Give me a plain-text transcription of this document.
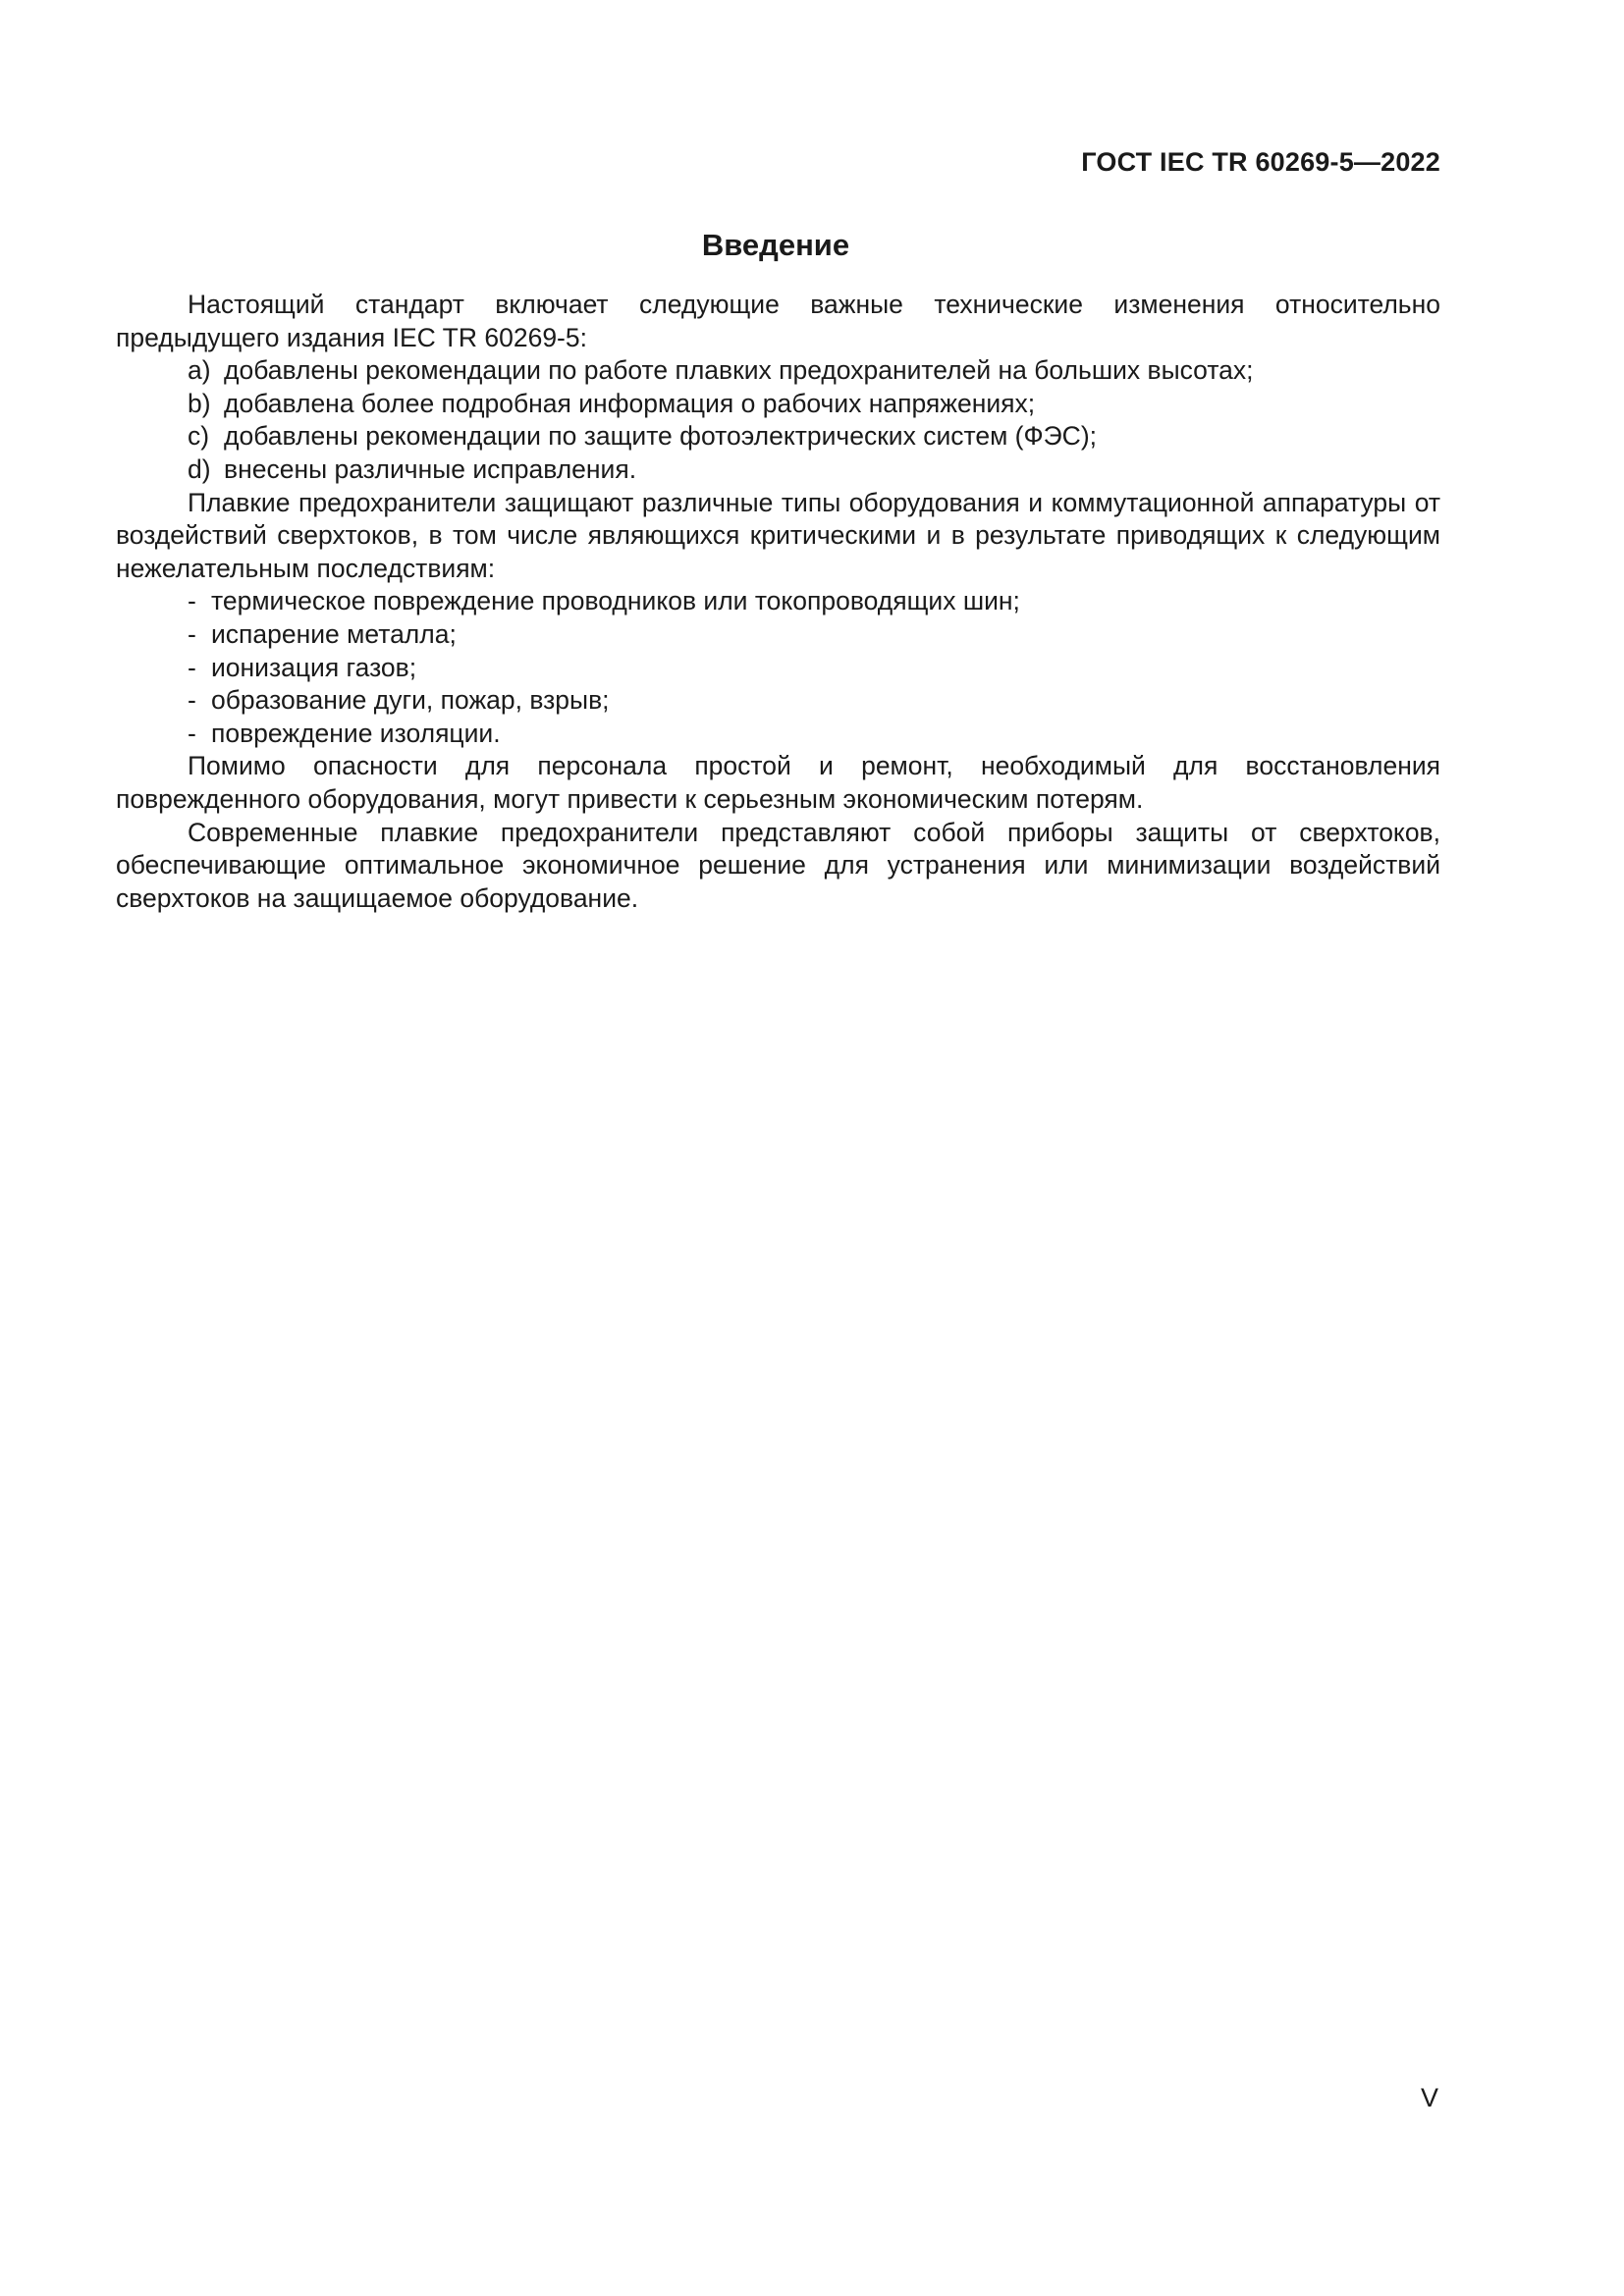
ГОСТ IEC TR 60269-5—2022
Введение

Настоящий стандарт включает следующие важные технические изменения относительно предыдущего издания IEC TR 60269-5:

a) добавлены рекомендации по работе плавких предохранителей на больших высотах;
b) добавлена более подробная информация о рабочих напряжениях;
c) добавлены рекомендации по защите фотоэлектрических систем (ФЭС);
d) внесены различные исправления.

Плавкие предохранители защищают различные типы оборудования и коммутационной аппаратуры от воздействий сверхтоков, в том числе являющихся критическими и в результате приводящих к следующим нежелательным последствиям:

- термическое повреждение проводников или токопроводящих шин;
- испарение металла;
- ионизация газов;
- образование дуги, пожар, взрыв;
- повреждение изоляции.

Помимо опасности для персонала простой и ремонт, необходимый для восстановления поврежденного оборудования, могут привести к серьезным экономическим потерям.

Современные плавкие предохранители представляют собой приборы защиты от сверхтоков, обеспечивающие оптимальное экономичное решение для устранения или минимизации воздействий сверхтоков на защищаемое оборудование.

V
